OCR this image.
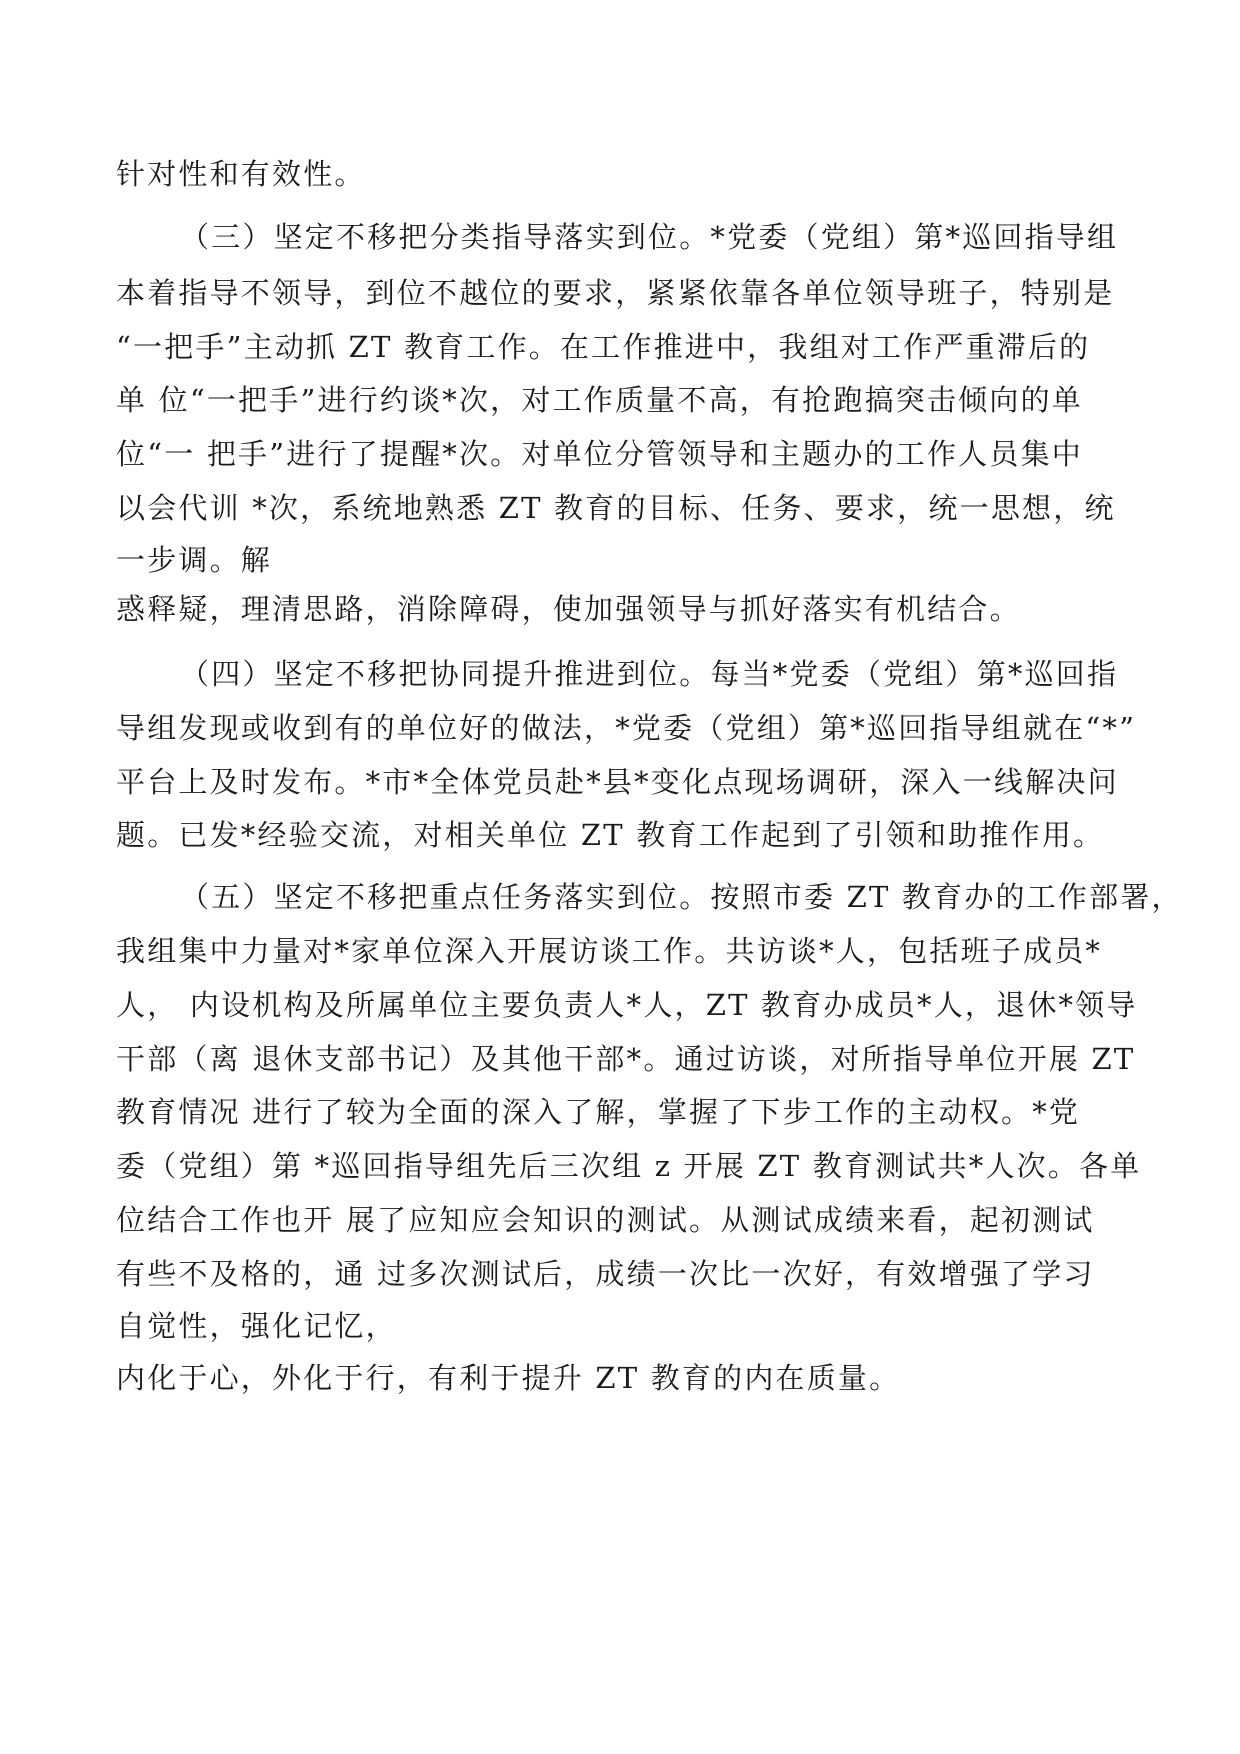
针对性和有效性。
（三）坚定不移把分类指导落实到位。*党委（党组）第*巡回指导组
本着指导不领导，到位不越位的要求，紧紧依靠各单位领导班子，特别是
“一把手”主动抓 ZT 教育工作。在工作推进中，我组对工作严重滞后的
单 位“一把手”进行约谈*次，对工作质量不高，有抢跑搞突击倾向的单
位“一 把手”进行了提醒*次。对单位分管领导和主题办的工作人员集中
以会代训 *次，系统地熟悉 ZT 教育的目标、任务、要求，统一思想，统
一步调。解
惑释疑，理清思路，消除障碍，使加强领导与抓好落实有机结合。
（四）坚定不移把协同提升推进到位。每当*党委（党组）第*巡回指
导组发现或收到有的单位好的做法，*党委（党组）第*巡回指导组就在“*”
平台上及时发布。*市*全体党员赴*县*变化点现场调研，深入一线解决问
题。已发*经验交流，对相关单位 ZT 教育工作起到了引领和助推作用。
（五）坚定不移把重点任务落实到位。按照市委 ZT 教育办的工作部署，
我组集中力量对*家单位深入开展访谈工作。共访谈*人，包括班子成员*
人， 内设机构及所属单位主要负责人*人，ZT 教育办成员*人，退休*领导
干部（离 退休支部书记）及其他干部*。通过访谈，对所指导单位开展 ZT
教育情况 进行了较为全面的深入了解，掌握了下步工作的主动权。*党
委（党组）第 *巡回指导组先后三次组 z 开展 ZT 教育测试共*人次。各单
位结合工作也开 展了应知应会知识的测试。从测试成绩来看，起初测试
有些不及格的，通 过多次测试后，成绩一次比一次好，有效增强了学习
自觉性，强化记忆，
内化于心，外化于行，有利于提升 ZT 教育的内在质量。
